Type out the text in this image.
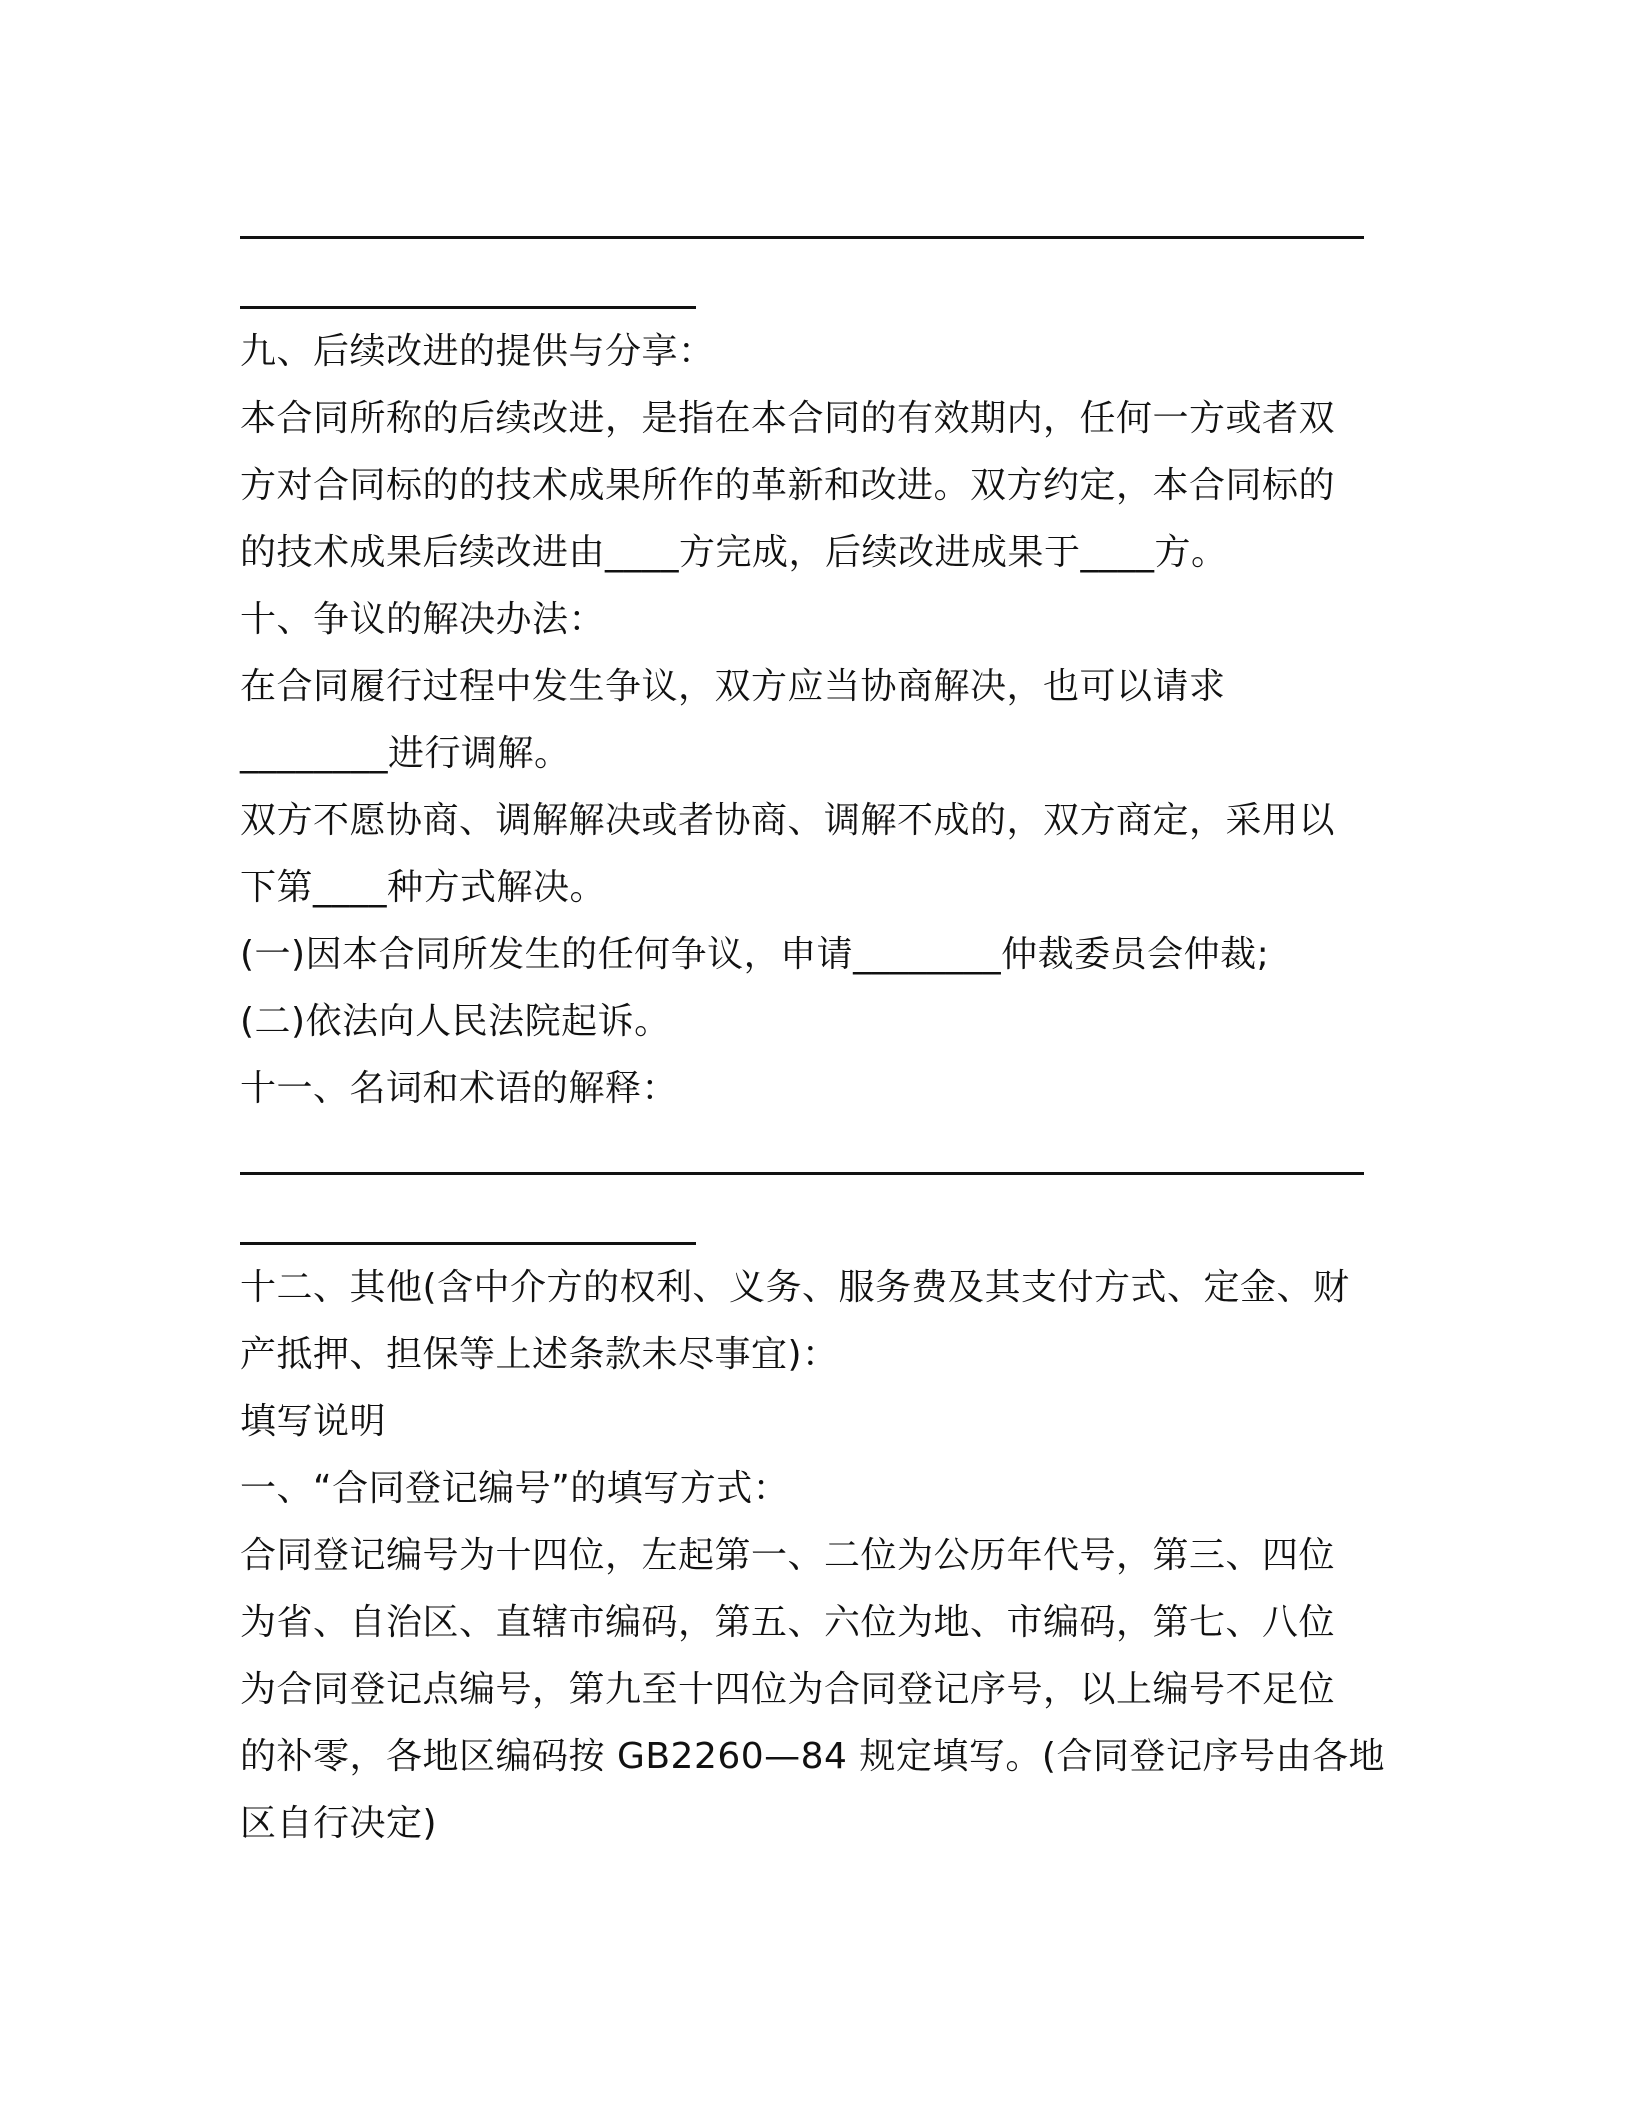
九、后续改进的提供与分享：
本合同所称的后续改进，是指在本合同的有效期内，任何一方或者双
方对合同标的的技术成果所作的革新和改进。双方约定，本合同标的
的技术成果后续改进由____方完成，后续改进成果于____方。
十、争议的解决办法：
在合同履行过程中发生争议，双方应当协商解决，也可以请求
________进行调解。
双方不愿协商、调解解决或者协商、调解不成的，双方商定，采用以
下第____种方式解决。
(一)因本合同所发生的任何争议，申请________仲裁委员会仲裁;
(二)依法向人民法院起诉。
十一、名词和术语的解释：
十二、其他(含中介方的权利、义务、服务费及其支付方式、定金、财
产抵押、担保等上述条款未尽事宜)：
填写说明
一、“合同登记编号”的填写方式：
合同登记编号为十四位，左起第一、二位为公历年代号，第三、四位
为省、自治区、直辖市编码，第五、六位为地、市编码，第七、八位
为合同登记点编号，第九至十四位为合同登记序号，以上编号不足位
的补零，各地区编码按 GB2260—84 规定填写。(合同登记序号由各地
区自行决定)
